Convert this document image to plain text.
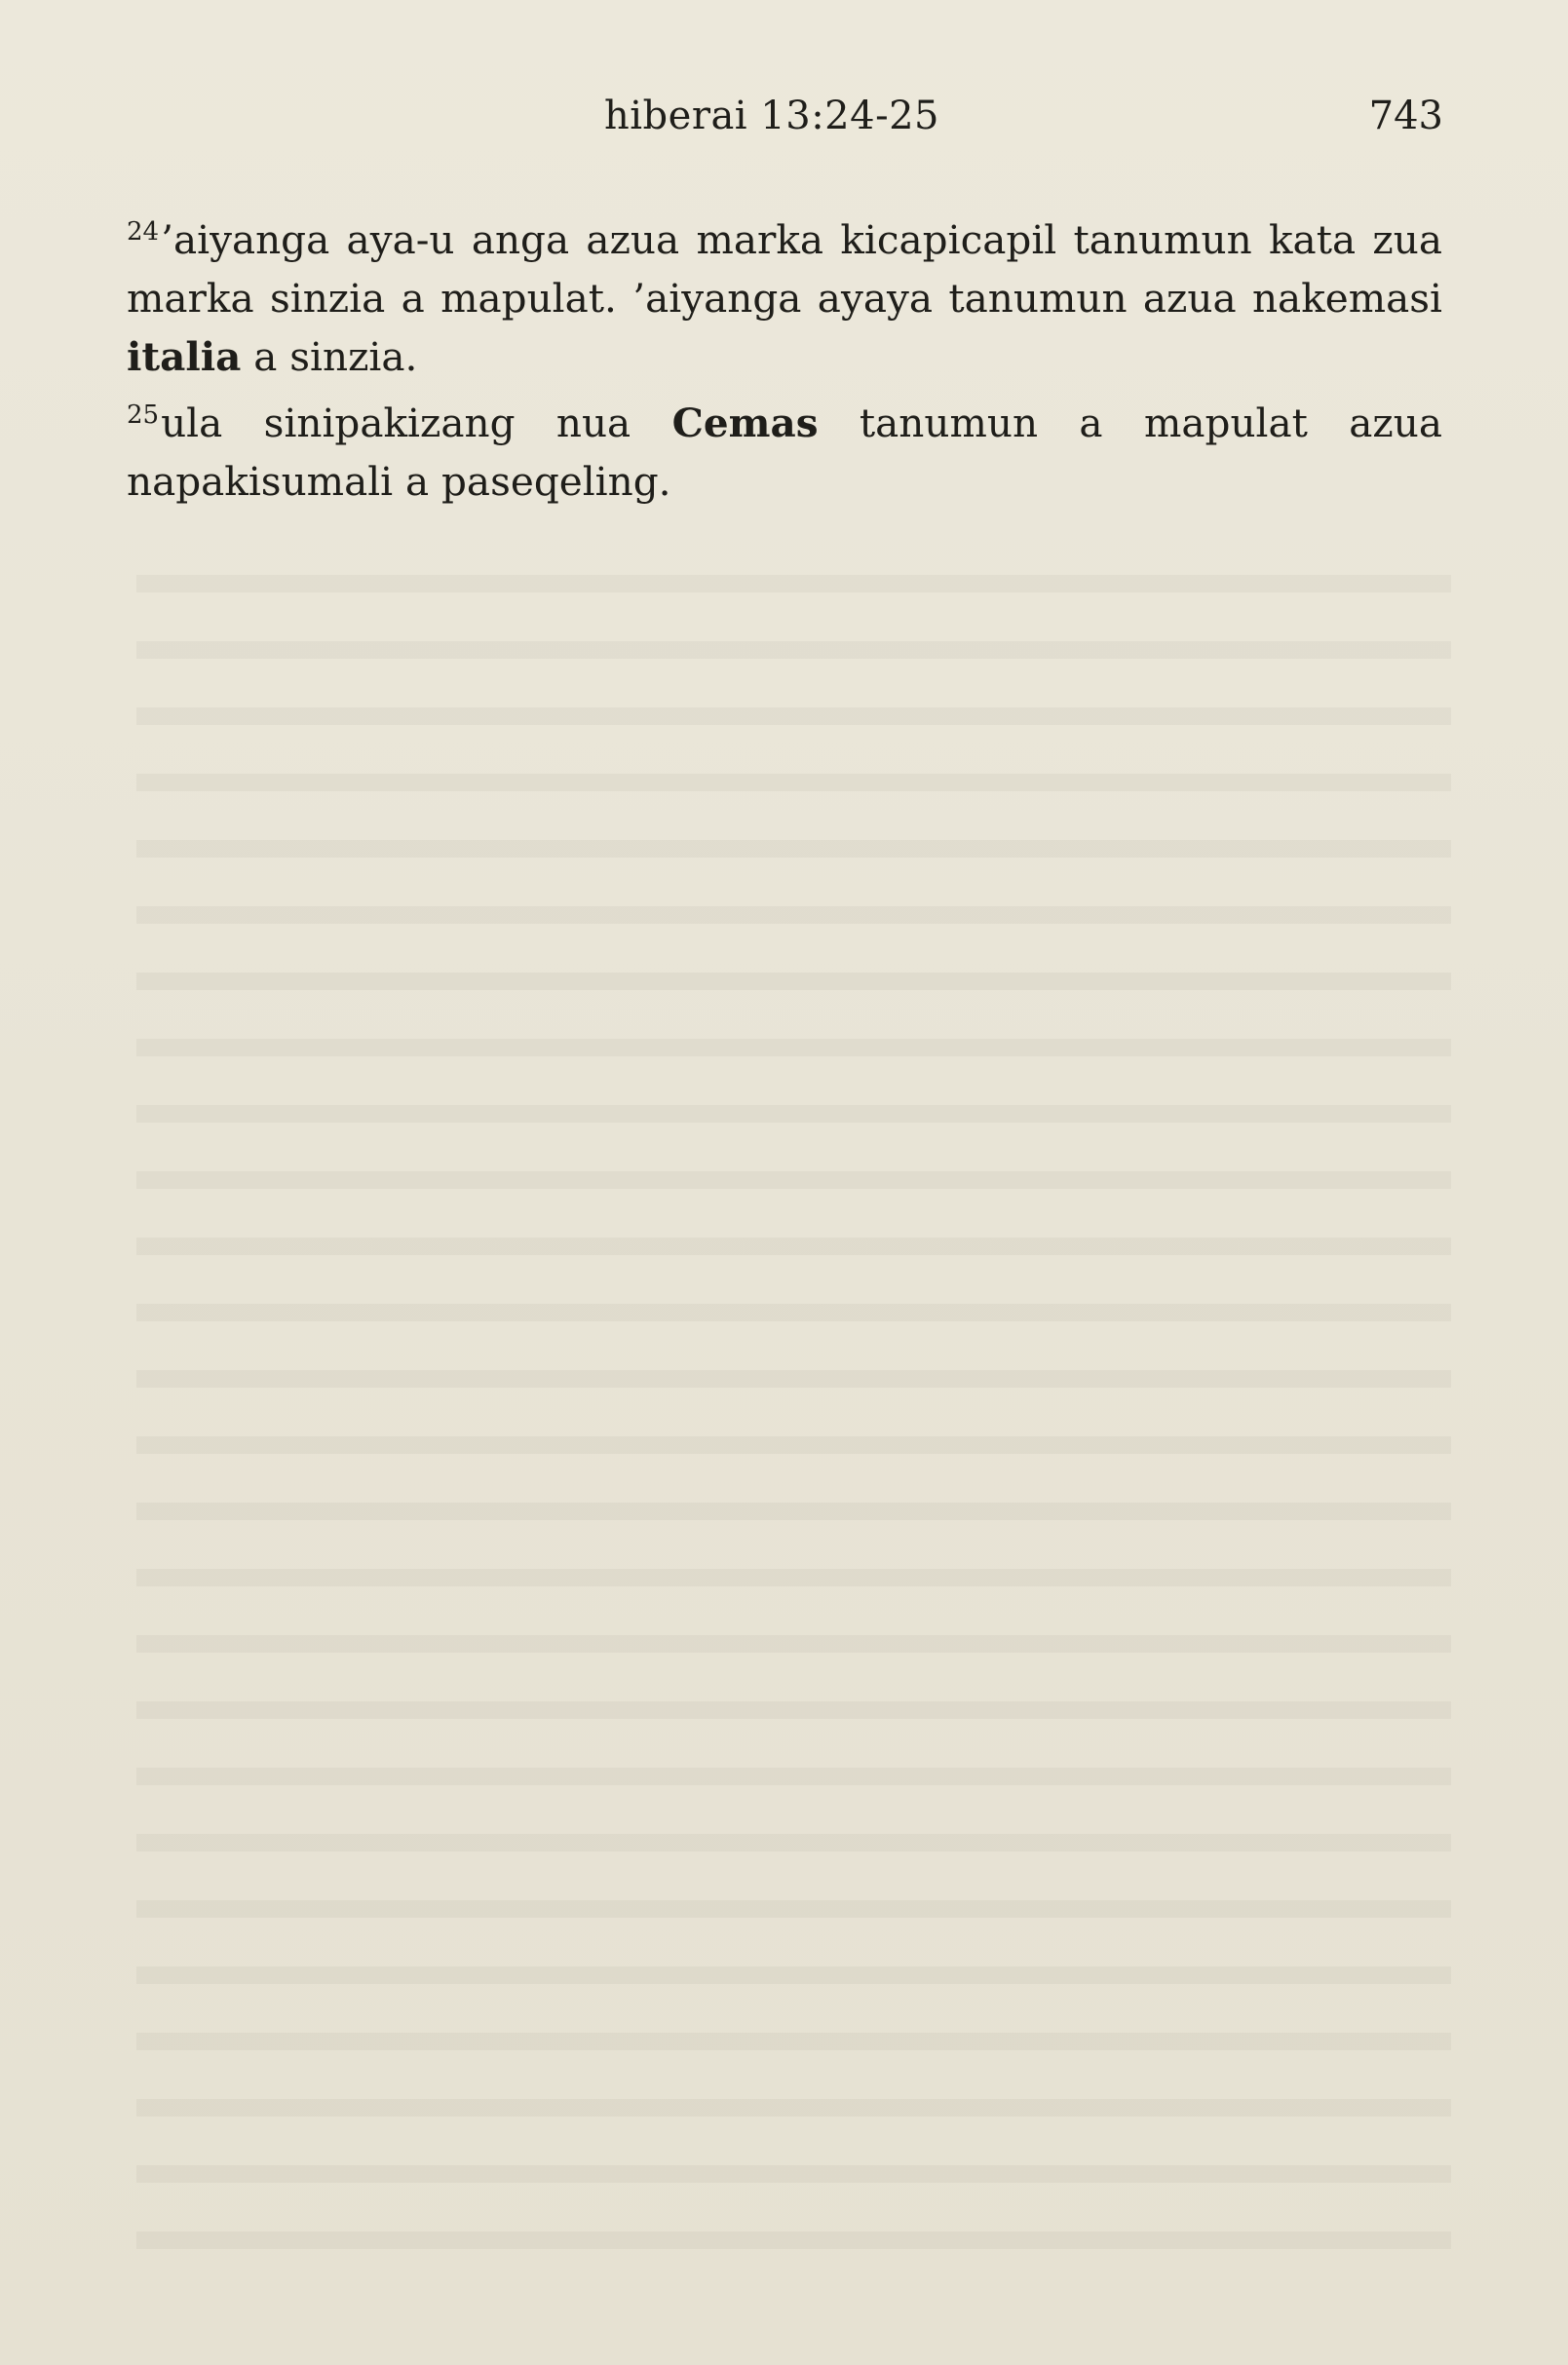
hiberai 13:24-25	743

$^{24}$’aiyanga aya-u anga azua marka kicapicapil tanumun kata zua marka sinzia a mapulat. ’aiyanga ayaya tanumun azua nakemasi italia a sinzia.

$^{25}$ula sinipakizang nua Cemas tanumun a mapulat azua napakisumali a paseqeling.
